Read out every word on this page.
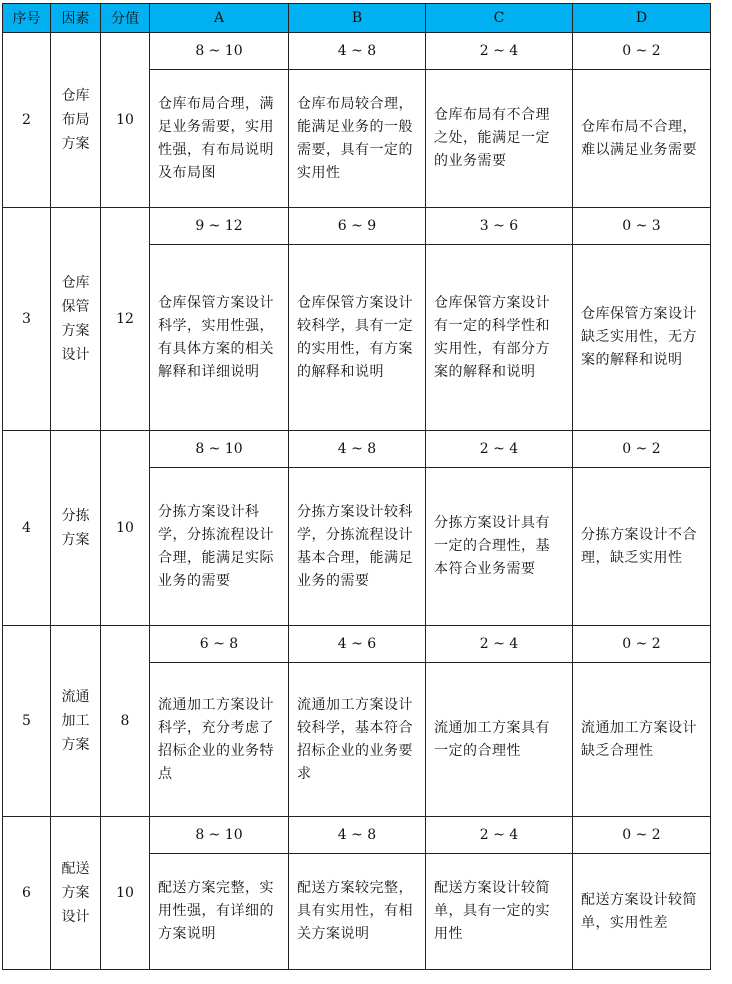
序号	因素	分值	A	B	C	D
2	仓库布局方案	10	8 ~ 10	4 ~ 8	2 ~ 4	0 ~ 2
			仓库布局合理，满足业务需要，实用性强，有布局说明及布局图	仓库布局较合理，能满足业务的一般需要，具有一定的实用性	仓库布局有不合理之处，能满足一定的业务需要	仓库布局不合理，难以满足业务需要
3	仓库保管方案设计	12	9 ~ 12	6 ~ 9	3 ~ 6	0 ~ 3
			仓库保管方案设计科学，实用性强，有具体方案的相关解释和详细说明	仓库保管方案设计较科学，具有一定的实用性，有方案的解释和说明	仓库保管方案设计有一定的科学性和实用性，有部分方案的解释和说明	仓库保管方案设计缺乏实用性，无方案的解释和说明
4	分拣方案	10	8 ~ 10	4 ~ 8	2 ~ 4	0 ~ 2
			分拣方案设计科学，分拣流程设计合理，能满足实际业务的需要	分拣方案设计较科学，分拣流程设计基本合理，能满足业务的需要	分拣方案设计具有一定的合理性，基本符合业务需要	分拣方案设计不合理，缺乏实用性
5	流通加工方案	8	6 ~ 8	4 ~ 6	2 ~ 4	0 ~ 2
			流通加工方案设计科学，充分考虑了招标企业的业务特点	流通加工方案设计较科学，基本符合招标企业的业务要求	流通加工方案具有一定的合理性	流通加工方案设计缺乏合理性
6	配送方案设计	10	8 ~ 10	4 ~ 8	2 ~ 4	0 ~ 2
			配送方案完整，实用性强，有详细的方案说明	配送方案较完整，具有实用性，有相关方案说明	配送方案设计较简单，具有一定的实用性	配送方案设计较简单，实用性差
